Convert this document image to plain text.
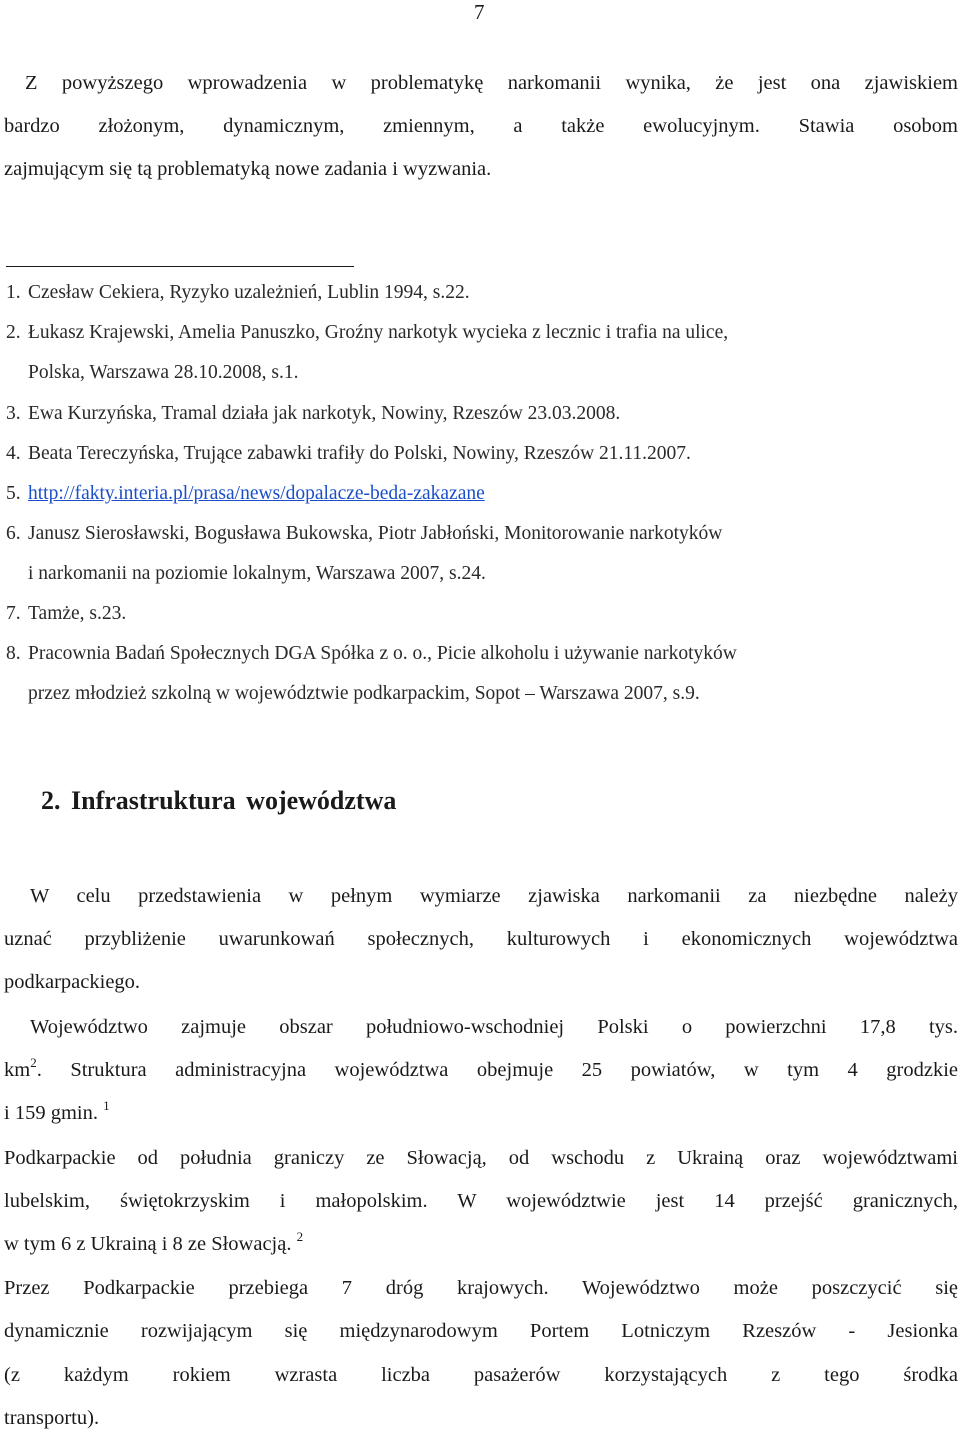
7
Z powyższego wprowadzenia w problematykę narkomanii wynika, że jest ona zjawiskiem
bardzo złożonym, dynamicznym, zmiennym, a także ewolucyjnym. Stawia osobom
zajmującym się tą problematyką nowe zadania i wyzwania.
1. Czesław Cekiera, Ryzyko uzależnień, Lublin 1994, s.22.
2. Łukasz Krajewski, Amelia Panuszko, Groźny narkotyk wycieka z lecznic i trafia na ulice,
Polska, Warszawa 28.10.2008, s.1.
3. Ewa Kurzyńska, Tramal działa jak narkotyk, Nowiny, Rzeszów 23.03.2008.
4. Beata Tereczyńska, Trujące zabawki trafiły do Polski, Nowiny, Rzeszów 21.11.2007.
5. http://fakty.interia.pl/prasa/news/dopalacze-beda-zakazane
6. Janusz Sierosławski, Bogusława Bukowska, Piotr Jabłoński, Monitorowanie narkotyków
i narkomanii na poziomie lokalnym, Warszawa 2007, s.24.
7. Tamże, s.23.
8. Pracownia Badań Społecznych DGA Spółka z o. o., Picie alkoholu i używanie narkotyków
przez młodzież szkolną w województwie podkarpackim, Sopot – Warszawa 2007, s.9.
2. Infrastruktura województwa
W celu przedstawienia w pełnym wymiarze zjawiska narkomanii za niezbędne należy
uznać przybliżenie uwarunkowań społecznych, kulturowych i ekonomicznych województwa
podkarpackiego.
Województwo zajmuje obszar południowo-wschodniej Polski o powierzchni 17,8 tys.
$km^2$. Struktura administracyjna województwa obejmuje 25 powiatów, w tym 4 grodzkie
i 159 gmin. $^1$
Podkarpackie od południa graniczy ze Słowacją, od wschodu z Ukrainą oraz województwami
lubelskim, świętokrzyskim i małopolskim. W województwie jest 14 przejść granicznych,
w tym 6 z Ukrainą i 8 ze Słowacją. $^2$
Przez Podkarpackie przebiega 7 dróg krajowych. Województwo może poszczycić się
dynamicznie rozwijającym się międzynarodowym Portem Lotniczym Rzeszów - Jesionka
(z każdym rokiem wzrasta liczba pasażerów korzystających z tego środka
transportu).
